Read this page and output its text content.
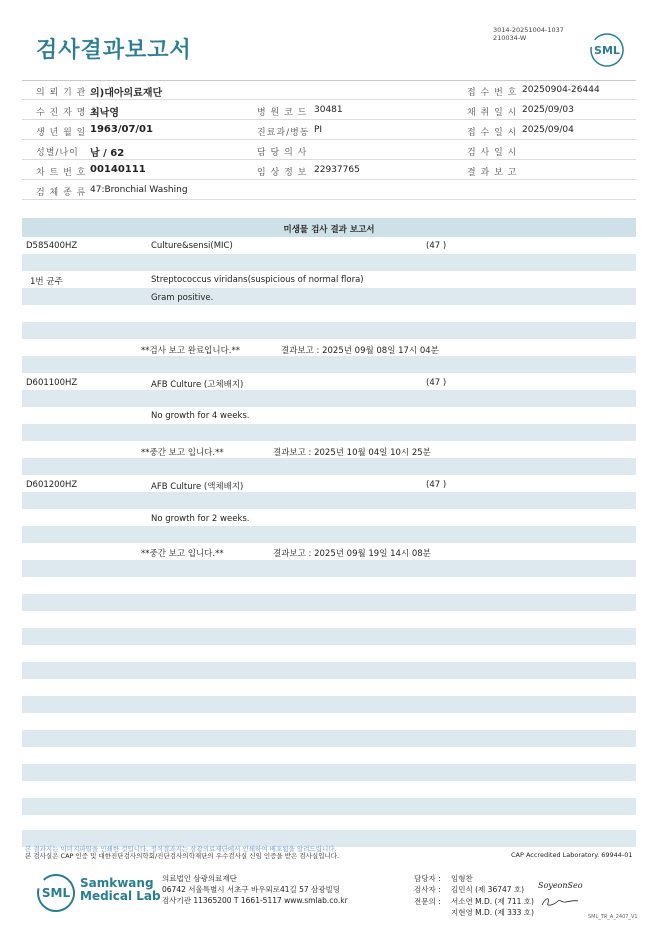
검사결과보고서
3014-20251004-1037
210034-W
SML
의 뢰 기 관 의)대아의료재단	접 수 번 호 20250904-26444
수 진 자 명 최낙영	병 원 코 드 30481	채 취 일 시 2025/09/03
생 년 월 일 1963/07/01	진료과/병동 PI	접 수 일 시 2025/09/04
성별/나이 남 / 62	담 당 의 사	검 사 일 시
차 트 번 호 00140111	임 상 정 보 22937765	결 과 보 고
검 체 종 류 47:Bronchial Washing
미생물 검사 결과 보고서
D585400HZ	Culture&sensi(MIC)	(47 )
1번 균주	Streptococcus viridans(suspicious of normal flora)
Gram positive.
**검사 보고 완료입니다.**	결과보고 : 2025년 09월 08일 17시 04분
D601100HZ	AFB Culture (고체배지)	(47 )
No growth for 4 weeks.
**중간 보고 입니다.**	결과보고 : 2025년 10월 04일 10시 25분
D601200HZ	AFB Culture (액체배지)	(47 )
No growth for 2 weeks.
**중간 보고 입니다.**	결과보고 : 2025년 09월 19일 14시 08분
본 결과지는 이미지파일을 인쇄한 것입니다. 정식결과지는 삼광의료재단에서 인쇄하여 배포됨을 알려드립니다.
본 검사실은 CAP 인증 및 대한진단검사의학회/진단검사의학재단의 우수검사실 신임 인증을 받은 검사실입니다.	CAP Accredited Laboratory. 69944-01
SML
Samkwang
Medical Lab
의료법인 삼광의료재단
06742 서울특별시 서초구 바우뫼로41길 57 삼광빌딩
검사기관 11365200 T 1661-5117 www.smlab.co.kr
담당자 : 임형찬
검사자 : 김민식 (제 36747 호)
전문의 : 서소연 M.D. (제 711 호)
지현영 M.D. (제 333 호)
SoyeonSeo
SML_TR_A_2407_V1
